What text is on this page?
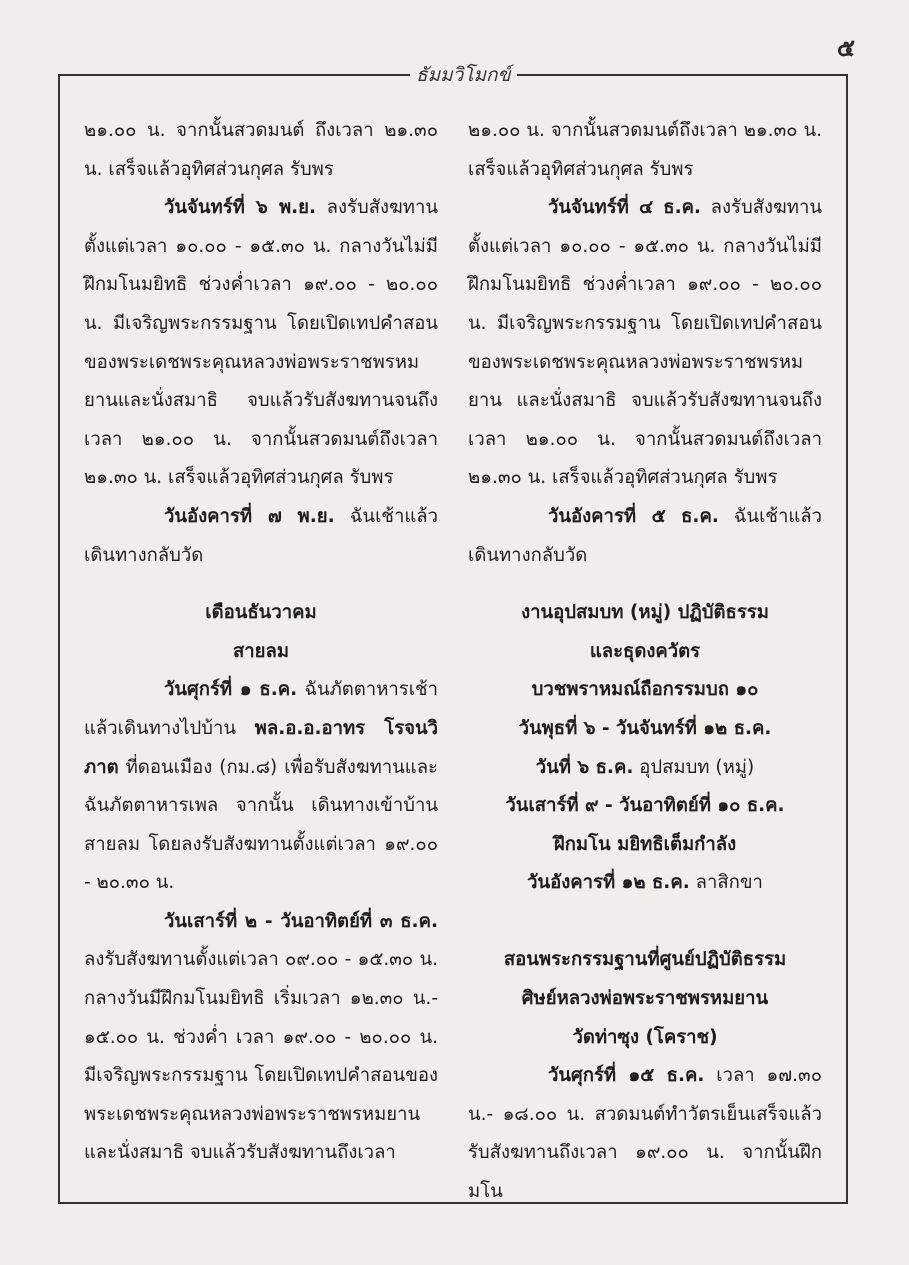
๕
ธัมมวิโมกข์

๒๑.๐๐ น. จากนั้นสวดมนต์ ถึงเวลา ๒๑.๓๐ น. เสร็จแล้วอุทิศส่วนกุศล รับพร

วันจันทร์ที่ ๖ พ.ย. ลงรับสังฆทาน ตั้งแต่เวลา ๑๐.๐๐ - ๑๕.๓๐ น. กลางวันไม่มีฝึกมโนมยิทธิ ช่วงค่ำเวลา ๑๙.๐๐ - ๒๐.๐๐ น. มีเจริญพระกรรมฐาน โดยเปิดเทปคำสอนของพระเดชพระคุณหลวงพ่อพระราชพรหมยานและนั่งสมาธิ จบแล้วรับสังฆทานจนถึง เวลา ๒๑.๐๐ น. จากนั้นสวดมนต์ถึงเวลา ๒๑.๓๐ น. เสร็จแล้วอุทิศส่วนกุศล รับพร

วันอังคารที่ ๗ พ.ย. ฉันเช้าแล้วเดินทางกลับวัด

เดือนธันวาคม

สายลม

วันศุกร์ที่ ๑ ธ.ค. ฉันภัตตาหารเช้าแล้วเดินทางไปบ้าน พล.อ.อ.อาทร โรจนวิภาต ที่ดอนเมือง (กม.๘) เพื่อรับสังฆทานและฉันภัตตาหารเพล จากนั้น เดินทางเข้าบ้านสายลม โดยลงรับสังฆทานตั้งแต่เวลา ๑๙.๐๐ - ๒๐.๓๐ น.

วันเสาร์ที่ ๒ - วันอาทิตย์ที่ ๓ ธ.ค. ลงรับสังฆทานตั้งแต่เวลา ๐๙.๐๐ - ๑๕.๓๐ น. กลางวันมีฝึกมโนมยิทธิ เริ่มเวลา ๑๒.๓๐ น.- ๑๕.๐๐ น. ช่วงค่ำ เวลา ๑๙.๐๐ - ๒๐.๐๐ น. มีเจริญพระกรรมฐาน โดยเปิดเทปคำสอนของพระเดชพระคุณหลวงพ่อพระราชพรหมยานและนั่งสมาธิ จบแล้วรับสังฆทานถึงเวลา

๒๑.๐๐ น. จากนั้นสวดมนต์ถึงเวลา ๒๑.๓๐ น. เสร็จแล้วอุทิศส่วนกุศล รับพร

วันจันทร์ที่ ๔ ธ.ค. ลงรับสังฆทานตั้งแต่เวลา ๑๐.๐๐ - ๑๕.๓๐ น. กลางวันไม่มีฝึกมโนมยิทธิ ช่วงค่ำเวลา ๑๙.๐๐ - ๒๐.๐๐ น. มีเจริญพระกรรมฐาน โดยเปิดเทปคำสอนของพระเดชพระคุณหลวงพ่อพระราชพรหมยาน และนั่งสมาธิ จบแล้วรับสังฆทานจนถึงเวลา ๒๑.๐๐ น. จากนั้นสวดมนต์ถึงเวลา ๒๑.๓๐ น. เสร็จแล้วอุทิศส่วนกุศล รับพร

วันอังคารที่ ๕ ธ.ค. ฉันเช้าแล้วเดินทางกลับวัด

งานอุปสมบท (หมู่) ปฏิบัติธรรม

และธุดงควัตร

บวชพราหมณ์ถือกรรมบถ ๑๐

วันพุธที่ ๖ - วันจันทร์ที่ ๑๒ ธ.ค.

วันที่ ๖ ธ.ค. อุปสมบท (หมู่)

วันเสาร์ที่ ๙ - วันอาทิตย์ที่ ๑๐ ธ.ค.

ฝึกมโน มยิทธิเต็มกำลัง

วันอังคารที่ ๑๒ ธ.ค. ลาสิกขา

สอนพระกรรมฐานที่ศูนย์ปฏิบัติธรรม

ศิษย์หลวงพ่อพระราชพรหมยาน

วัดท่าซุง (โคราช)

วันศุกร์ที่ ๑๕ ธ.ค. เวลา ๑๗.๓๐ น.- ๑๘.๐๐ น. สวดมนต์ทำวัตรเย็นเสร็จแล้วรับสังฆทานถึงเวลา ๑๙.๐๐ น. จากนั้นฝึกมโน
